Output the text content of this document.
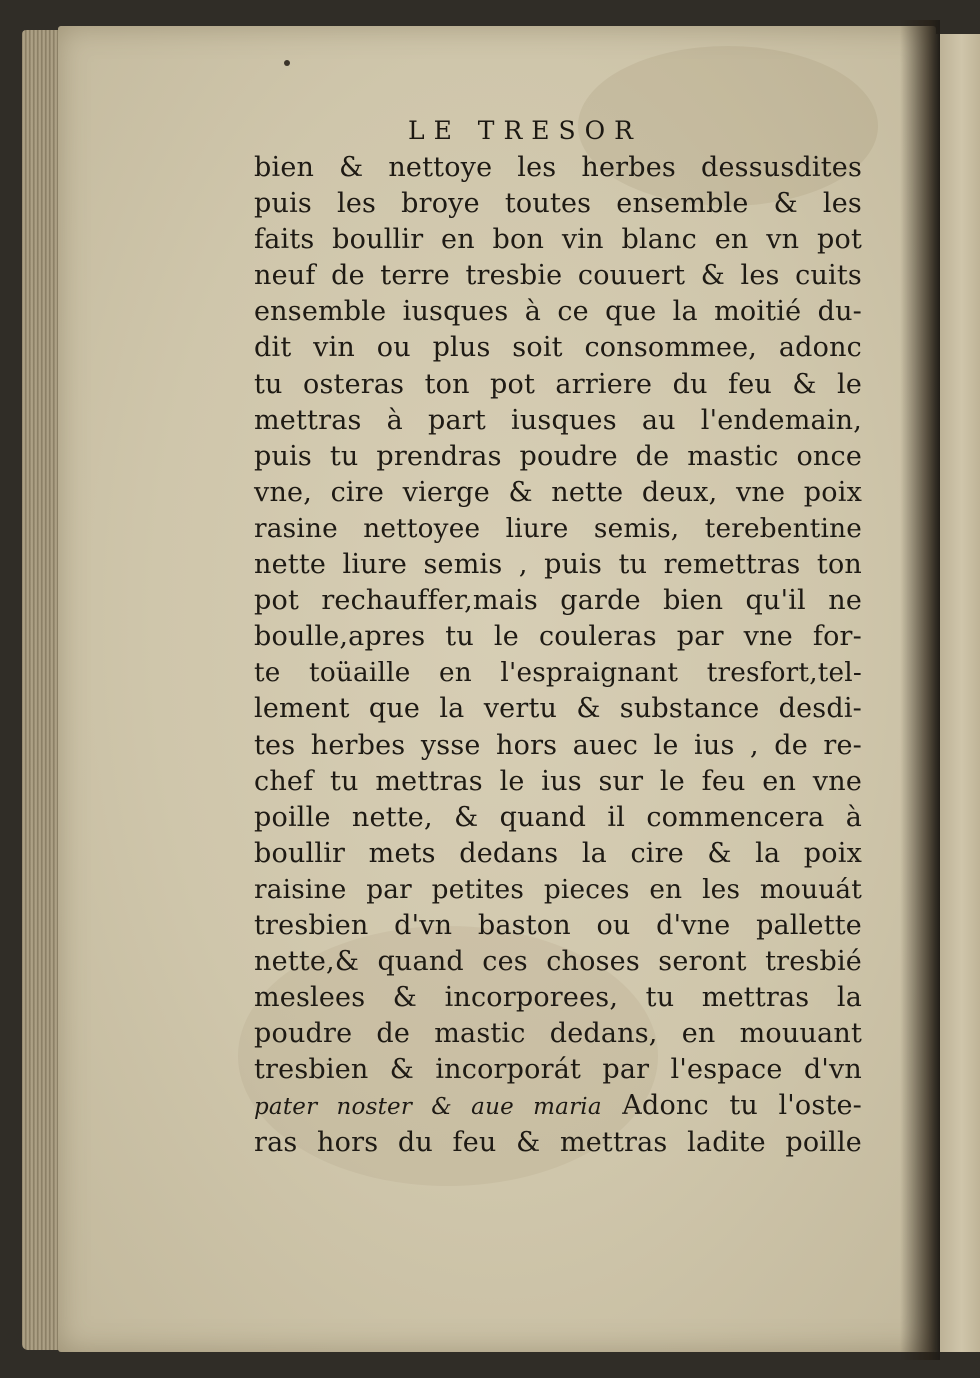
LE TRESOR
bien & nettoye les herbes dessusdites
puis les broye toutes ensemble & les
faits boullir en bon vin blanc en vn pot
neuf de terre tresbie couuert & les cuits
ensemble iusques à ce que la moitié du-
dit vin ou plus soit consommee, adonc
tu osteras ton pot arriere du feu & le
mettras à part iusques au l'endemain,
puis tu prendras poudre de mastic once
vne, cire vierge & nette deux, vne poix
rasine nettoyee liure semis, terebentine
nette liure semis , puis tu remettras ton
pot rechauffer,mais garde bien qu'il ne
boulle,apres tu le couleras par vne for-
te toüaille en l'espraignant tresfort,tel-
lement que la vertu & substance desdi-
tes herbes ysse hors auec le ius , de re-
chef tu mettras le ius sur le feu en vne
poille nette, & quand il commencera à
boullir mets dedans la cire & la poix
raisine par petites pieces en les mouuát
tresbien d'vn baston ou d'vne pallette
nette,& quand ces choses seront tresbié
meslees & incorporees, tu mettras la
poudre de mastic dedans, en mouuant
tresbien & incorporát par l'espace d'vn
pater noster & aue maria Adonc tu l'oste-
ras hors du feu & mettras ladite poille
